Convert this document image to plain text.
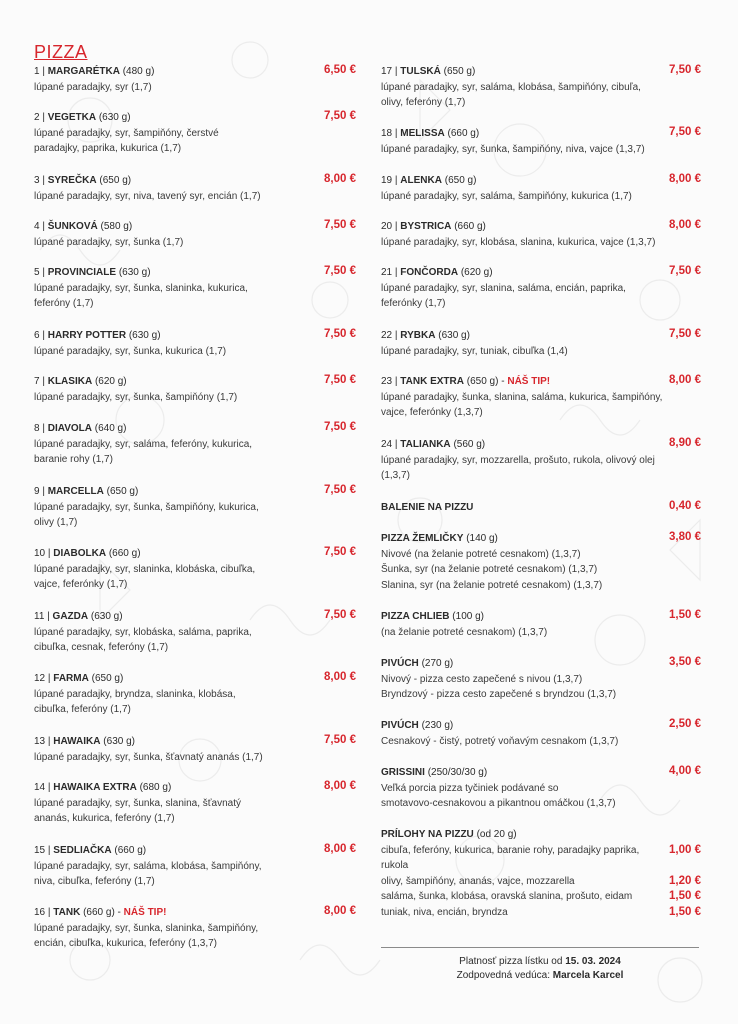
PIZZA
1 | MARGARÉTKA (480 g)	6,50 €
lúpané paradajky, syr (1,7)
2 | VEGETKA (630 g)	7,50 €
lúpané paradajky, syr, šampiňóny, čerstvé
paradajky, paprika, kukurica (1,7)
3 | SYREČKA (650 g)	8,00 €
lúpané paradajky, syr, niva, tavený syr, encián (1,7)
4 | ŠUNKOVÁ (580 g)	7,50 €
lúpané paradajky, syr, šunka (1,7)
5 | PROVINCIALE (630 g)	7,50 €
lúpané paradajky, syr, šunka, slaninka, kukurica,
feferóny (1,7)
6 | HARRY POTTER (630 g)	7,50 €
lúpané paradajky, syr, šunka, kukurica (1,7)
7 | KLASIKA (620 g)	7,50 €
lúpané paradajky, syr, šunka, šampiňóny (1,7)
8 | DIAVOLA (640 g)	7,50 €
lúpané paradajky, syr, saláma, feferóny, kukurica,
baranie rohy (1,7)
9 | MARCELLA (650 g)	7,50 €
lúpané paradajky, syr, šunka, šampiňóny, kukurica,
olivy (1,7)
10 | DIABOLKA (660 g)	7,50 €
lúpané paradajky, syr, slaninka, klobáska, cibuľka,
vajce, feferónky (1,7)
11 | GAZDA (630 g)	7,50 €
lúpané paradajky, syr, klobáska, saláma, paprika,
cibuľka, cesnak, feferóny (1,7)
12 | FARMA (650 g)	8,00 €
lúpané paradajky, bryndza, slaninka, klobása,
cibuľka, feferóny (1,7)
13 | HAWAIKA (630 g)	7,50 €
lúpané paradajky, syr, šunka, šťavnatý ananás (1,7)
14 | HAWAIKA EXTRA (680 g)	8,00 €
lúpané paradajky, syr, šunka, slanina, šťavnatý
ananás, kukurica, feferóny (1,7)
15 | SEDLIAČKA (660 g)	8,00 €
lúpané paradajky, syr, saláma, klobása, šampiňóny,
niva, cibuľka, feferóny (1,7)
16 | TANK (660 g) - NÁŠ TIP!	8,00 €
lúpané paradajky, syr, šunka, slaninka, šampiňóny,
encián, cibuľka, kukurica, feferóny (1,3,7)
17 | TULSKÁ (650 g)	7,50 €
lúpané paradajky, syr, saláma, klobása, šampiňóny, cibuľa,
olivy, feferóny (1,7)
18 | MELISSA (660 g)	7,50 €
lúpané paradajky, syr, šunka, šampiňóny, niva, vajce (1,3,7)
19 | ALENKA (650 g)	8,00 €
lúpané paradajky, syr, saláma, šampiňóny, kukurica (1,7)
20 | BYSTRICA (660 g)	8,00 €
lúpané paradajky, syr, klobása, slanina, kukurica, vajce (1,3,7)
21 | FONČORDA (620 g)	7,50 €
lúpané paradajky, syr, slanina, saláma, encián, paprika,
feferónky (1,7)
22 | RYBKA (630 g)	7,50 €
lúpané paradajky, syr, tuniak, cibuľka (1,4)
23 | TANK EXTRA (650 g) - NÁŠ TIP!	8,00 €
lúpané paradajky, šunka, slanina, saláma, kukurica, šampiňóny,
vajce, feferónky (1,3,7)
24 | TALIANKA (560 g)	8,90 €
lúpané paradajky, syr, mozzarella, prošuto, rukola, olivový olej
(1,3,7)
BALENIE NA PIZZU	0,40 €
PIZZA ŽEMLIČKY (140 g)	3,80 €
Nivové (na želanie potreté cesnakom) (1,3,7)
Šunka, syr (na želanie potreté cesnakom) (1,3,7)
Slanina, syr (na želanie potreté cesnakom) (1,3,7)
PIZZA CHLIEB (100 g)	1,50 €
(na želanie potreté cesnakom) (1,3,7)
PIVÚCH (270 g)	3,50 €
Nivový - pizza cesto zapečené s nivou (1,3,7)
Bryndzový - pizza cesto zapečené s bryndzou (1,3,7)
PIVÚCH (230 g)	2,50 €
Cesnakový - čistý, potretý voňavým cesnakom (1,3,7)
GRISSINI (250/30/30 g)	4,00 €
Veľká porcia pizza tyčiniek podávané so
smotavovo-cesnakovou a pikantnou omáčkou (1,3,7)
PRÍLOHY NA PIZZU (od 20 g)
cibuľa, feferóny, kukurica, baranie rohy, paradajky paprika,	1,00 €
rukola
olivy, šampiňóny, ananás, vajce, mozzarella	1,20 €
saláma, šunka, klobása, oravská slanina, prošuto, eidam	1,50 €
tuniak, niva, encián, bryndza	1,50 €
Platnosť pizza lístku od 15. 03. 2024
Zodpovedná vedúca: Marcela Karcel
